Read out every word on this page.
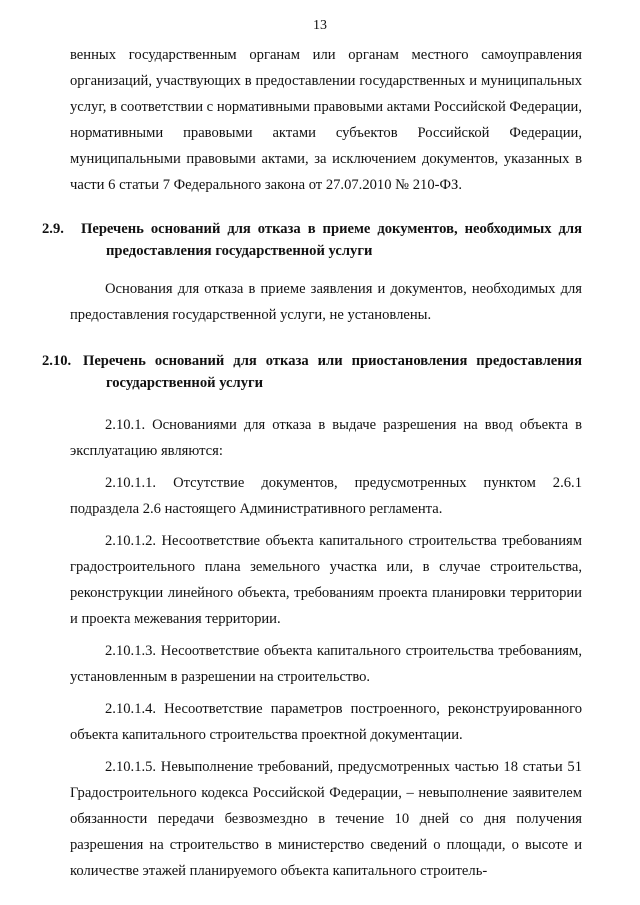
13

венных государственным органам или органам местного самоуправления организаций, участвующих в предоставлении государственных и муниципальных услуг, в соответствии с нормативными правовыми актами Российской Федерации, нормативными правовыми актами субъектов Российской Федерации, муниципальными правовыми актами, за исключением документов, указанных в части 6 статьи 7 Федерального закона от 27.07.2010 № 210-ФЗ.

2.9. Перечень оснований для отказа в приеме документов, необходимых для предоставления государственной услуги

Основания для отказа в приеме заявления и документов, необходимых для предоставления государственной услуги, не установлены.

2.10. Перечень оснований для отказа или приостановления предоставления государственной услуги

2.10.1. Основаниями для отказа в выдаче разрешения на ввод объекта в эксплуатацию являются:

2.10.1.1. Отсутствие документов, предусмотренных пунктом 2.6.1 подраздела 2.6 настоящего Административного регламента.

2.10.1.2. Несоответствие объекта капитального строительства требованиям градостроительного плана земельного участка или, в случае строительства, реконструкции линейного объекта, требованиям проекта планировки территории и проекта межевания территории.

2.10.1.3. Несоответствие объекта капитального строительства требованиям, установленным в разрешении на строительство.

2.10.1.4. Несоответствие параметров построенного, реконструированного объекта капитального строительства проектной документации.

2.10.1.5. Невыполнение требований, предусмотренных частью 18 статьи 51 Градостроительного кодекса Российской Федерации, – невыполнение заявителем обязанности передачи безвозмездно в течение 10 дней со дня получения разрешения на строительство в министерство сведений о площади, о высоте и количестве этажей планируемого объекта капитального строитель-
